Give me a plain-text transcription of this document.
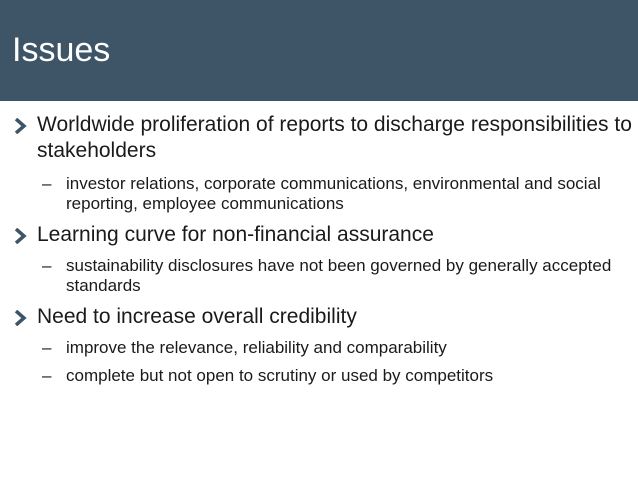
Issues
Worldwide proliferation of reports to discharge responsibilities to stakeholders
– investor relations, corporate communications, environmental and social reporting, employee communications
Learning curve for non-financial assurance
– sustainability disclosures have not been governed by generally accepted standards
Need to increase overall credibility
– improve the relevance, reliability and comparability
– complete but not open to scrutiny or used by competitors
